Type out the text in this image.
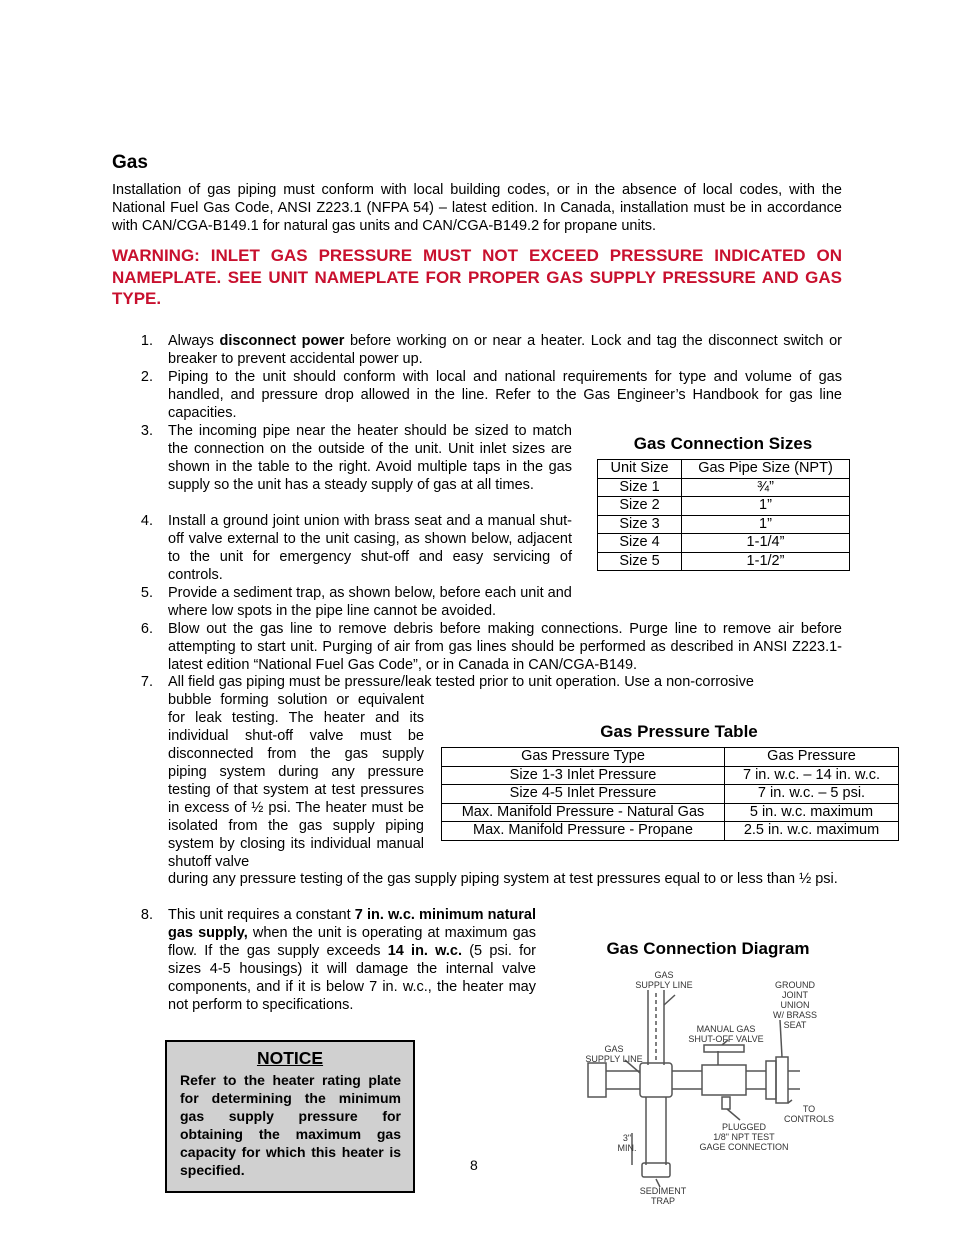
Gas
Installation of gas piping must conform with local building codes, or in the absence of local codes, with the National Fuel Gas Code, ANSI Z223.1 (NFPA 54) – latest edition. In Canada, installation must be in accordance with CAN/CGA-B149.1 for natural gas units and CAN/CGA-B149.2 for propane units.
WARNING: INLET GAS PRESSURE MUST NOT EXCEED PRESSURE INDICATED ON NAMEPLATE. SEE UNIT NAMEPLATE FOR PROPER GAS SUPPLY PRESSURE AND GAS TYPE.
1. Always disconnect power before working on or near a heater. Lock and tag the disconnect switch or breaker to prevent accidental power up.
2. Piping to the unit should conform with local and national requirements for type and volume of gas handled, and pressure drop allowed in the line. Refer to the Gas Engineer’s Handbook for gas line capacities.
3. The incoming pipe near the heater should be sized to match the connection on the outside of the unit. Unit inlet sizes are shown in the table to the right. Avoid multiple taps in the gas supply so the unit has a steady supply of gas at all times.
4. Install a ground joint union with brass seat and a manual shut-off valve external to the unit casing, as shown below, adjacent to the unit for emergency shut-off and easy servicing of controls.
5. Provide a sediment trap, as shown below, before each unit and where low spots in the pipe line cannot be avoided.
6. Blow out the gas line to remove debris before making connections. Purge line to remove air before attempting to start unit. Purging of air from gas lines should be performed as described in ANSI Z223.1-latest edition “National Fuel Gas Code”, or in Canada in CAN/CGA-B149.
7. All field gas piping must be pressure/leak tested prior to unit operation. Use a non-corrosive
bubble forming solution or equivalent for leak testing. The heater and its individual shut-off valve must be disconnected from the gas supply piping system during any pressure testing of that system at test pressures in excess of ½ psi. The heater must be isolated from the gas supply piping system by closing its individual manual shutoff valve
during any pressure testing of the gas supply piping system at test pressures equal to or less than ½ psi.
8. This unit requires a constant 7 in. w.c. minimum natural gas supply, when the unit is operating at maximum gas flow. If the gas supply exceeds 14 in. w.c. (5 psi. for sizes 4-5 housings) it will damage the internal valve components, and if it is below 7 in. w.c., the heater may not perform to specifications.
Gas Connection Sizes
Unit Size	Gas Pipe Size (NPT)
Size 1	¾”
Size 2	1”
Size 3	1”
Size 4	1-1/4”
Size 5	1-1/2”
Gas Pressure Table
Gas Pressure Type	Gas Pressure
Size 1-3 Inlet Pressure	7 in. w.c. – 14 in. w.c.
Size 4-5 Inlet Pressure	7 in. w.c. – 5 psi.
Max. Manifold Pressure - Natural Gas	5 in. w.c. maximum
Max. Manifold Pressure - Propane	2.5 in. w.c. maximum
Gas Connection Diagram
GAS
SUPPLY LINE	GROUND
JOINT
UNION
W/ BRASS
SEAT
MANUAL GAS
SHUT-OFF VALVE
GAS
SUPPLY LINE
TO
CONTROLS
PLUGGED
1/8" NPT TEST
GAGE CONNECTION
3"
MIN.
SEDIMENT
TRAP
NOTICE
Refer to the heater rating plate for determining the minimum gas supply pressure for obtaining the maximum gas capacity for which this heater is specified.	8
